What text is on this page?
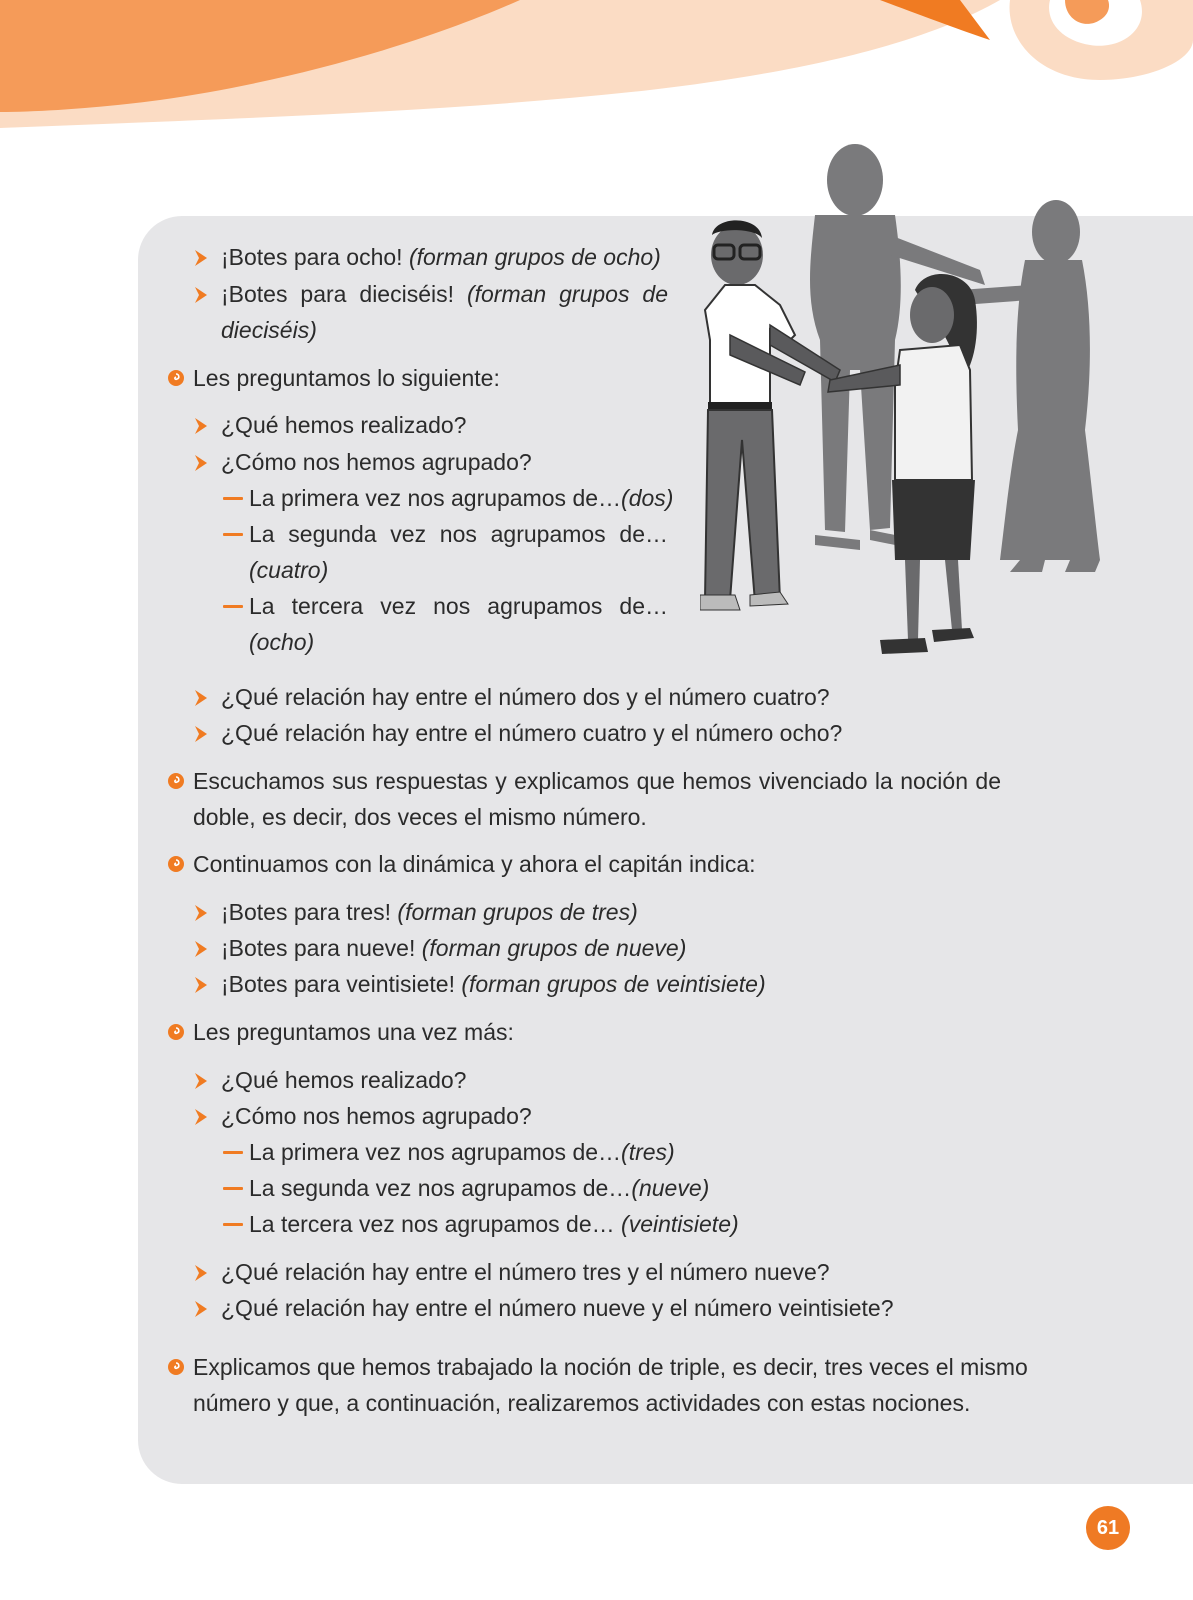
¡Botes para ocho! (forman grupos de ocho)
¡Botes para dieciséis! (forman grupos de
dieciséis)
Les preguntamos lo siguiente:
¿Qué hemos realizado?
¿Cómo nos hemos agrupado?
La primera vez nos agrupamos de…(dos)
La segunda vez nos agrupamos de…
(cuatro)
La tercera vez nos agrupamos de…
(ocho)
¿Qué relación hay entre el número dos y el número cuatro?
¿Qué relación hay entre el número cuatro y el número ocho?
Escuchamos sus respuestas y explicamos que hemos vivenciado la noción de
doble, es decir, dos veces el mismo número.
Continuamos con la dinámica y ahora el capitán indica:
¡Botes para tres! (forman grupos de tres)
¡Botes para nueve! (forman grupos de nueve)
¡Botes para veintisiete! (forman grupos de veintisiete)
Les preguntamos una vez más:
¿Qué hemos realizado?
¿Cómo nos hemos agrupado?
La primera vez nos agrupamos de…(tres)
La segunda vez nos agrupamos de…(nueve)
La tercera vez nos agrupamos de… (veintisiete)
¿Qué relación hay entre el número tres y el número nueve?
¿Qué relación hay entre el número nueve y el número veintisiete?
Explicamos que hemos trabajado la noción de triple, es decir, tres veces el mismo
número y que, a continuación, realizaremos actividades con estas nociones.
61
